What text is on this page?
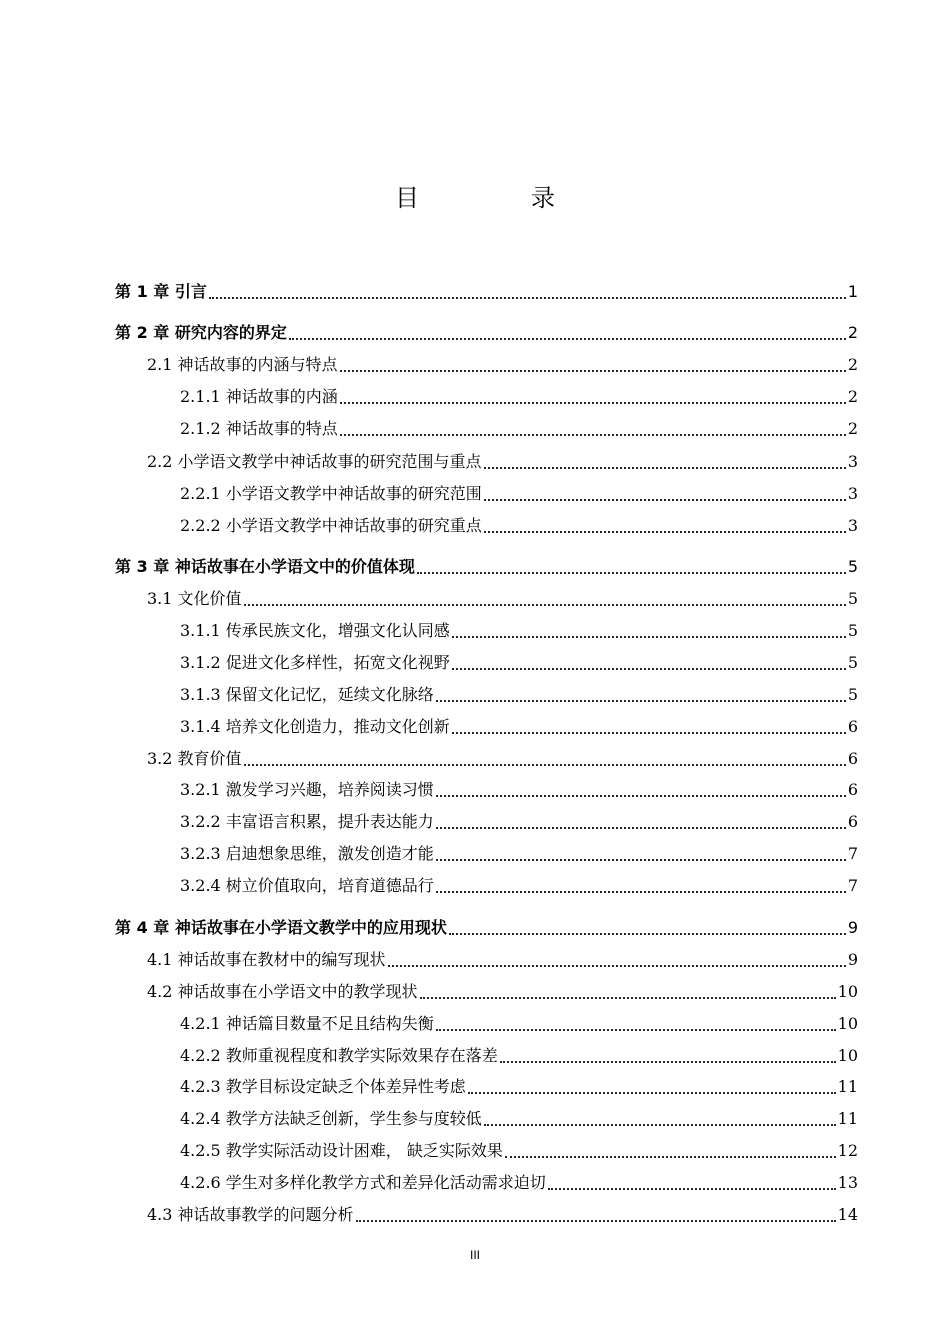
目　录
第 1 章 引言	1
第 2 章 研究内容的界定	2
2.1 神话故事的内涵与特点	2
2.1.1 神话故事的内涵	2
2.1.2 神话故事的特点	2
2.2 小学语文教学中神话故事的研究范围与重点	3
2.2.1 小学语文教学中神话故事的研究范围	3
2.2.2 小学语文教学中神话故事的研究重点	3
第 3 章 神话故事在小学语文中的价值体现	5
3.1 文化价值	5
3.1.1 传承民族文化，增强文化认同感	5
3.1.2 促进文化多样性，拓宽文化视野	5
3.1.3 保留文化记忆，延续文化脉络	5
3.1.4 培养文化创造力，推动文化创新	6
3.2 教育价值	6
3.2.1 激发学习兴趣，培养阅读习惯	6
3.2.2 丰富语言积累，提升表达能力	6
3.2.3 启迪想象思维，激发创造才能	7
3.2.4 树立价值取向，培育道德品行	7
第 4 章 神话故事在小学语文教学中的应用现状	9
4.1 神话故事在教材中的编写现状	9
4.2 神话故事在小学语文中的教学现状	10
4.2.1 神话篇目数量不足且结构失衡	10
4.2.2 教师重视程度和教学实际效果存在落差	10
4.2.3 教学目标设定缺乏个体差异性考虑	11
4.2.4 教学方法缺乏创新，学生参与度较低	11
4.2.5 教学实际活动设计困难， 缺乏实际效果	12
4.2.6 学生对多样化教学方式和差异化活动需求迫切	13
4.3 神话故事教学的问题分析	14
III
